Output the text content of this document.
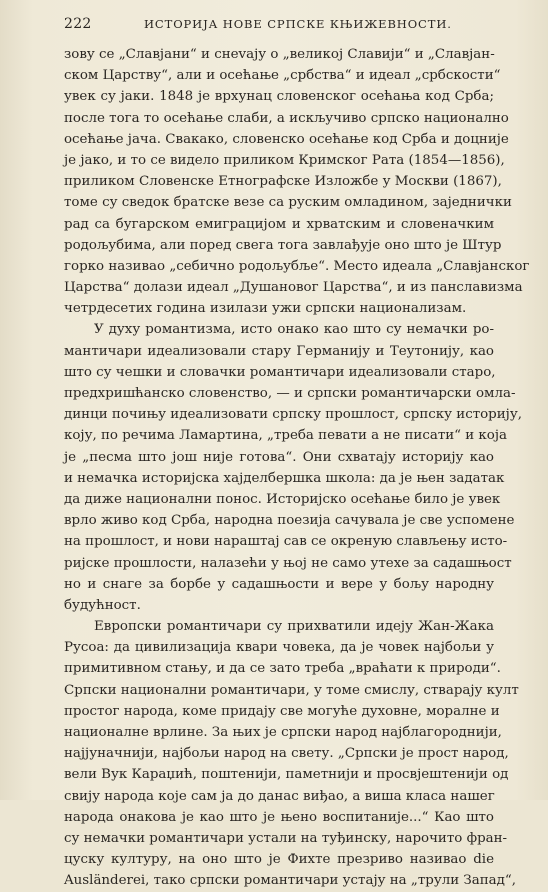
222	ИСТОРИЈА НОВЕ СРПСКЕ КЊИЖЕВНОСТИ.
зову се „Славјани“ и снevају о „великој Славији“ и „Славјан-
ском Царству“, али и осећање „србства“ и идеал „србскости“
увек су јаки. 1848 је врхунац словенског осећања код Срба;
после тога то осећање слаби, а искључиво српско национално
осећање јача. Свакако, словенско осећање код Срба и доцније
је јако, и то се видело приликом Кримског Рата (1854—1856),
приликом Словенске Етнографске Изложбе у Москви (1867),
томе су сведок братске везе са руским омладином, заједнички
рад са бугарском емиграцијом и хрватским и словеначким
родољубима, али поред свега тога завлађује оно што је Штур
горко називао „себично родољубље“. Место идеала „Славјанског
Царства“ долази идеал „Душановог Царства“, и из панславизма
четрдесетих година изилази ужи српски национализам.
У духу романтизма, исто онако као што су немачки ро-
мантичари идеализовали стару Германију и Теутонију, као
што су чешки и словачки романтичари идеализовали старо,
предхришћанско словенство, — и српски романтичарски омла-
динци почињу идеализовати српску прошлост, српску историју,
коју, по речима Ламартина, „треба певати а не писати“ и која
је „песма што још није готова“. Они схватају историју као
и немачка историјска хајделбершка школа: да је њен задатак
да диже национални понос. Историјско осећање било је увек
врло живо код Срба, народна поезија сачувала је све успомене
на прошлост, и нови нараштај сав се окреную слављењу исто-
ријске прошлости, налазећи у њој не само утехе за садашњост
но и снаге за борбе у садашњости и вере у бољу народну
будућност.
Европски романтичари су прихватили идеју Жан-Жака
Русоа: да цивилизација квари човека, да је човек најбољи у
примитивном стању, и да се зато треба „враћати к природи“.
Српски национални романтичари, у томе смислу, стварају култ
простог народа, коме придају све могуће духовне, моралне и
националне врлине. За њих је српски народ најблагороднији,
најјуначнији, најбољи народ на свету. „Српски је прост народ,
вели Вук Караџић, поштенији, паметнији и просвјештенији од
свију народа које сам ја до данас виђао, а виша класа нашег
народа онакова је као што је њено воспитаније...“ Као што
су немачки романтичари устали на туђинску, нарочито фран-
цуску културу, на оно што је Фихте презриво називао die
Ausländerei, тако српски романтичари устају на „трули Запад“,
